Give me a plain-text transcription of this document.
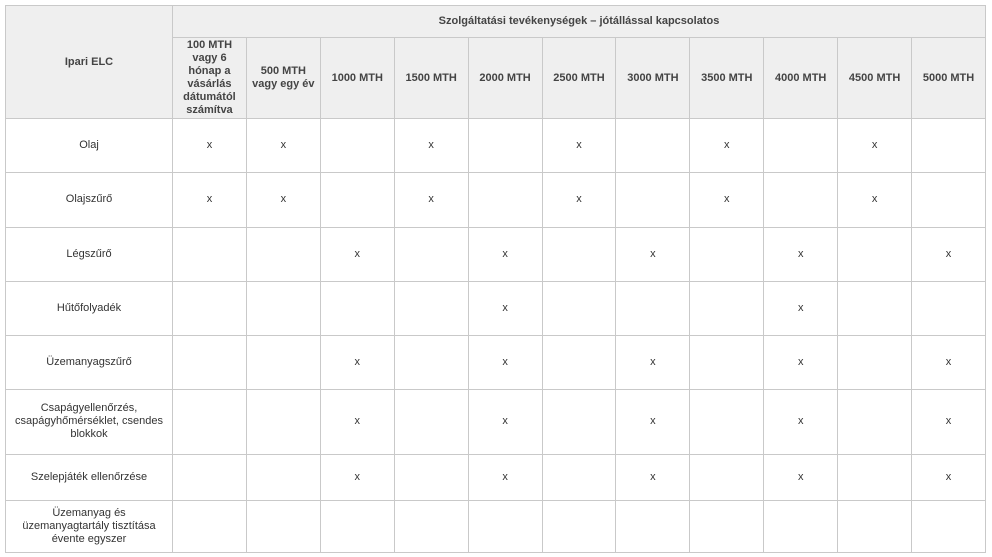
Ipari ELC	Szolgáltatási tevékenységek – jótállással kapcsolatos										
	100 MTH vagy 6 hónap a vásárlás dátumától számítva	500 MTH vagy egy év	1000 MTH	1500 MTH	2000 MTH	2500 MTH	3000 MTH	3500 MTH	4000 MTH	4500 MTH	5000 MTH
Olaj	x	x		x		x		x		x	
Olajszűrő	x	x		x		x		x		x	
Légszűrő			x		x		x		x		x
Hűtőfolyadék					x				x		
Üzemanyagszűrő			x		x		x		x		x
Csapágyellenőrzés, csapágyhőmérséklet, csendes blokkok			x		x		x		x		x
Szelepjáték ellenőrzése			x		x		x		x		x
Üzemanyag és üzemanyagtartály tisztítása évente egyszer											
